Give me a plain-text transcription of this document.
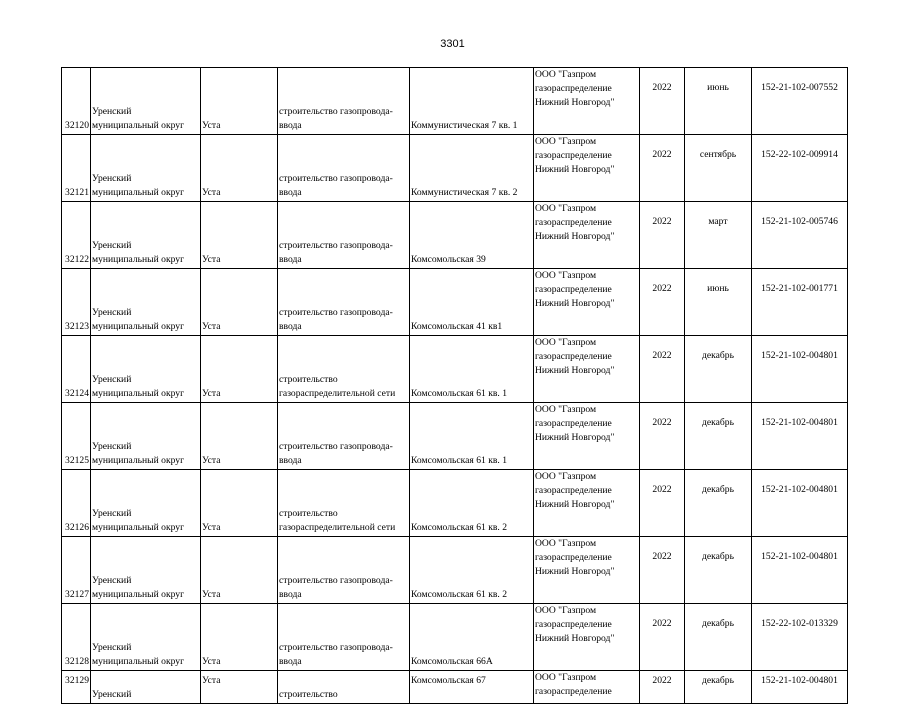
3301
32120	Уренский
муниципальный округ	Уста	строительство газопровода-
ввода	Коммунистическая 7 кв. 1	ООО "Газпром
газораспределение
Нижний Новгород"	2022	июнь	152-21-102-007552

32121	Уренский
муниципальный округ	Уста	строительство газопровода-
ввода	Коммунистическая 7 кв. 2	ООО "Газпром
газораспределение
Нижний Новгород"	2022	сентябрь	152-22-102-009914

32122	Уренский
муниципальный округ	Уста	строительство газопровода-
ввода	Комсомольская 39	ООО "Газпром
газораспределение
Нижний Новгород"	2022	март	152-21-102-005746

32123	Уренский
муниципальный округ	Уста	строительство газопровода-
ввода	Комсомольская 41 кв1	ООО "Газпром
газораспределение
Нижний Новгород"	2022	июнь	152-21-102-001771

32124	Уренский
муниципальный округ	Уста	строительство
газораспределительной сети	Комсомольская 61 кв. 1	ООО "Газпром
газораспределение
Нижний Новгород"	2022	декабрь	152-21-102-004801

32125	Уренский
муниципальный округ	Уста	строительство газопровода-
ввода	Комсомольская 61 кв. 1	ООО "Газпром
газораспределение
Нижний Новгород"	2022	декабрь	152-21-102-004801

32126	Уренский
муниципальный округ	Уста	строительство
газораспределительной сети	Комсомольская 61 кв. 2	ООО "Газпром
газораспределение
Нижний Новгород"	2022	декабрь	152-21-102-004801

32127	Уренский
муниципальный округ	Уста	строительство газопровода-
ввода	Комсомольская 61 кв. 2	ООО "Газпром
газораспределение
Нижний Новгород"	2022	декабрь	152-21-102-004801

32128	Уренский
муниципальный округ	Уста	строительство газопровода-
ввода	Комсомольская 66А	ООО "Газпром
газораспределение
Нижний Новгород"	2022	декабрь	152-22-102-013329

32129	Уренский	Уста	строительство	Комсомольская 67	ООО "Газпром
газораспределение	2022	декабрь	152-21-102-004801
